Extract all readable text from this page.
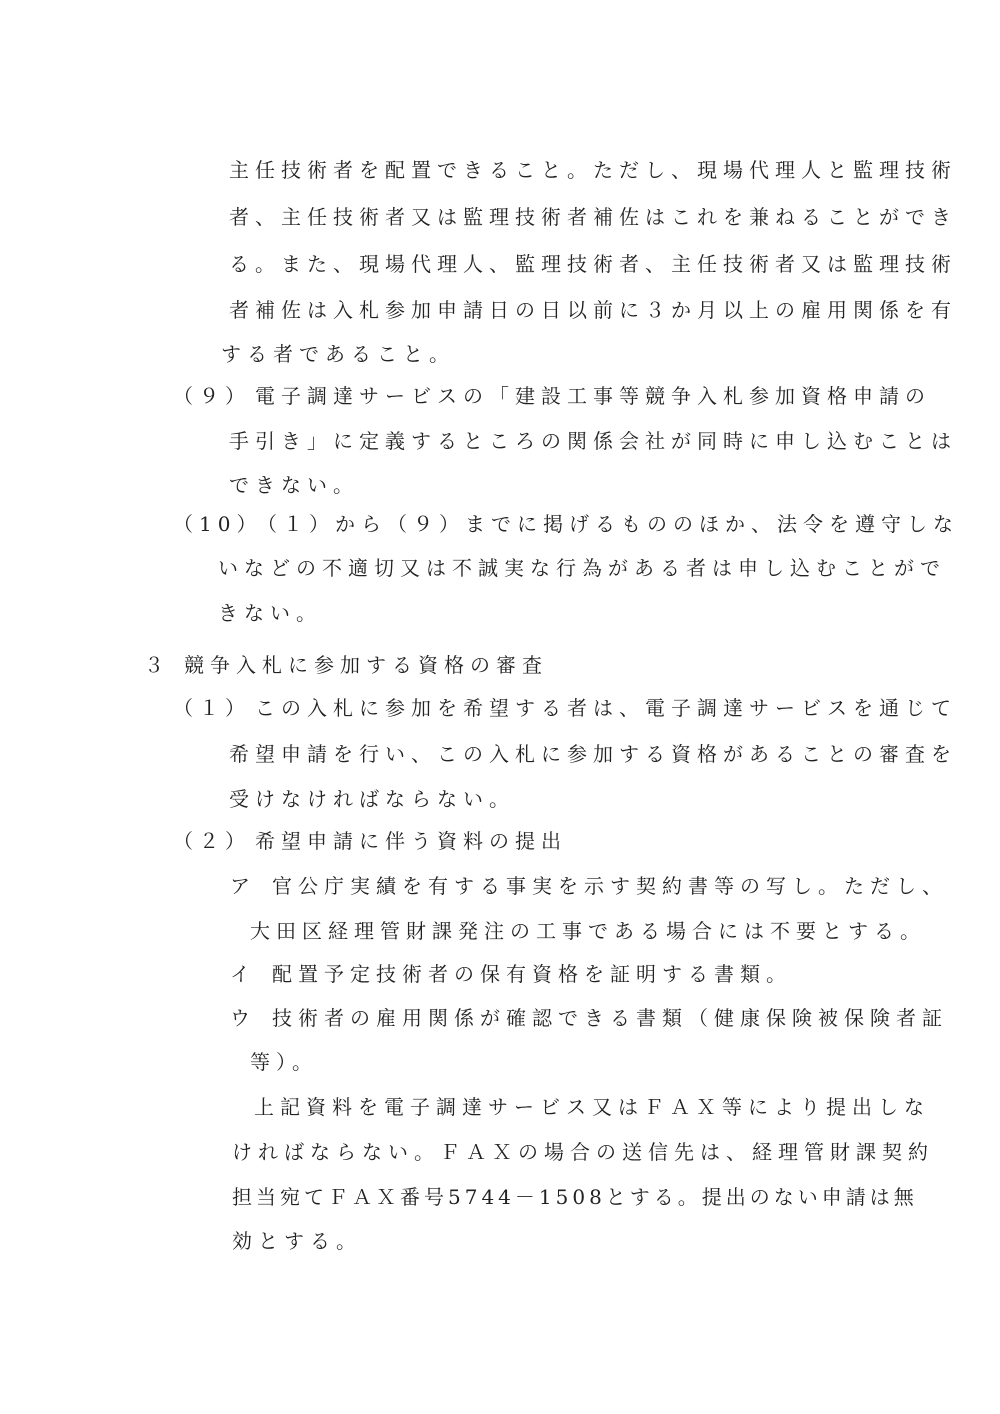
主任技術者を配置できること。ただし、現場代理人と監理技術
者、主任技術者又は監理技術者補佐はこれを兼ねることができ
る。また、現場代理人、監理技術者、主任技術者又は監理技術
者補佐は入札参加申請日の日以前に３か月以上の雇用関係を有
する者であること。
（９） 電子調達サービスの「建設工事等競争入札参加資格申請の
手引き」に定義するところの関係会社が同時に申し込むことは
できない。
（10）
（１）から（９）までに掲げるもののほか、法令を遵守しな
いなどの不適切又は不誠実な行為がある者は申し込むことがで
きない。
３ 競争入札に参加する資格の審査
（１） この入札に参加を希望する者は、電子調達サービスを通じて
希望申請を行い、この入札に参加する資格があることの審査を
受けなければならない。
（２） 希望申請に伴う資料の提出
ア 官公庁実績を有する事実を示す契約書等の写し。ただし、
大田区経理管財課発注の工事である場合には不要とする。
イ 配置予定技術者の保有資格を証明する書類。
ウ 技術者の雇用関係が確認できる書類（健康保険被保険者証
等）。
上記資料を電子調達サービス又はＦＡＸ等により提出しな
ければならない。ＦＡＸの場合の送信先は、経理管財課契約
担当宛てＦＡＸ番号5744－1508とする。提出のない申請は無
効とする。
